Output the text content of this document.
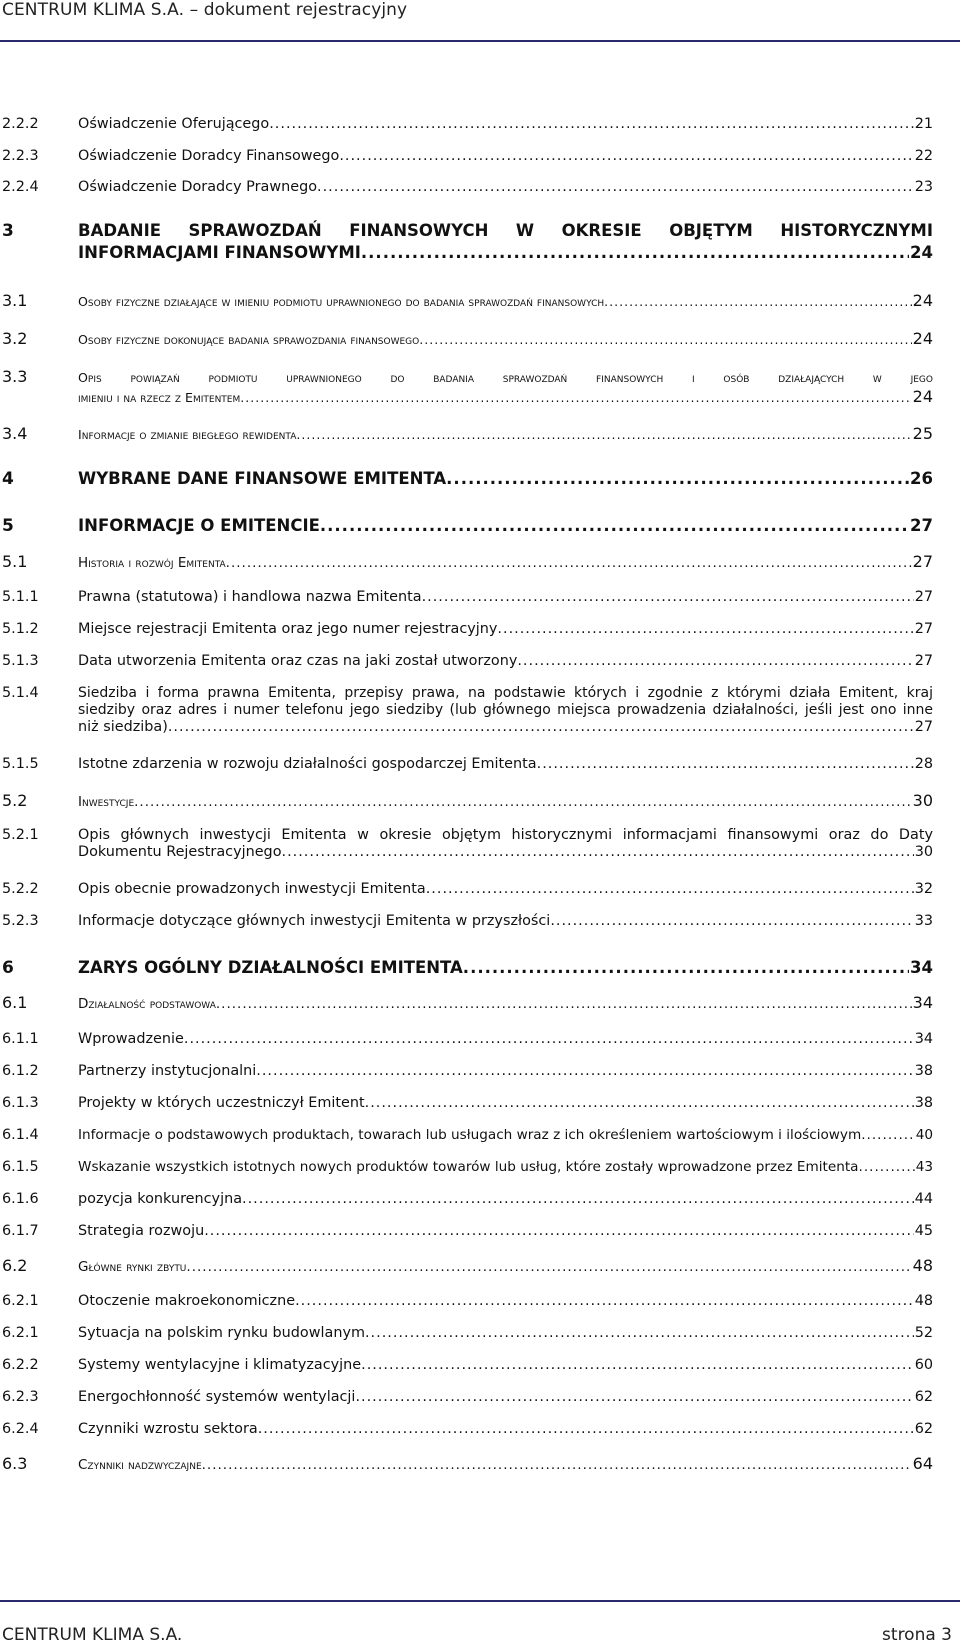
CENTRUM KLIMA S.A. – dokument rejestracyjny
2.2.2	Oświadczenie Oferującego .....	21
2.2.3	Oświadczenie Doradcy Finansowego .....	22
2.2.4	Oświadczenie Doradcy Prawnego .....	23
3	BADANIE SPRAWOZDAŃ FINANSOWYCH W OKRESIE OBJĘTYM HISTORYCZNYMI
INFORMACJAMI FINANSOWYMI .....	24
3.1	Osoby fizyczne działające w imieniu podmiotu uprawnionego do badania sprawozdań finansowych .....	24
3.2	Osoby fizyczne dokonujące badania sprawozdania finansowego .....	24
3.3	Opis powiązań podmiotu uprawnionego do badania sprawozdań finansowych i osób działających w jego
imieniu i na rzecz z Emitentem .....	24
3.4	Informacje o zmianie biegłego rewidenta .....	25
4	WYBRANE DANE FINANSOWE EMITENTA .....	26
5	INFORMACJE O EMITENCIE .....	27
5.1	Historia i rozwój Emitenta .....	27
5.1.1	Prawna (statutowa) i handlowa nazwa Emitenta .....	27
5.1.2	Miejsce rejestracji Emitenta oraz jego numer rejestracyjny .....	27
5.1.3	Data utworzenia Emitenta oraz czas na jaki został utworzony .....	27
5.1.4	Siedziba i forma prawna Emitenta, przepisy prawa, na podstawie których i zgodnie z którymi działa Emitent, kraj
siedziby oraz adres i numer telefonu jego siedziby (lub głównego miejsca prowadzenia działalności, jeśli jest ono inne
niż siedziba) .....	27
5.1.5	Istotne zdarzenia w rozwoju działalności gospodarczej Emitenta .....	28
5.2	Inwestycje .....	30
5.2.1	Opis głównych inwestycji Emitenta w okresie objętym historycznymi informacjami finansowymi oraz do Daty
Dokumentu Rejestracyjnego .....	30
5.2.2	Opis obecnie prowadzonych inwestycji Emitenta .....	32
5.2.3	Informacje dotyczące głównych inwestycji Emitenta w przyszłości .....	33
6	ZARYS OGÓLNY DZIAŁALNOŚCI EMITENTA .....	34
6.1	Działalność podstawowa .....	34
6.1.1	Wprowadzenie .....	34
6.1.2	Partnerzy instytucjonalni .....	38
6.1.3	Projekty w których uczestniczył Emitent .....	38
6.1.4	Informacje o podstawowych produktach, towarach lub usługach wraz z ich określeniem wartościowym i ilościowym .....	40
6.1.5	Wskazanie wszystkich istotnych nowych produktów towarów lub usług, które zostały wprowadzone przez Emitenta .....	43
6.1.6	pozycja konkurencyjna .....	44
6.1.7	Strategia rozwoju .....	45
6.2	Główne rynki zbytu .....	48
6.2.1	Otoczenie makroekonomiczne .....	48
6.2.1	Sytuacja na polskim rynku budowlanym .....	52
6.2.2	Systemy wentylacyjne i klimatyzacyjne .....	60
6.2.3	Energochłonność systemów wentylacji .....	62
6.2.4	Czynniki wzrostu sektora .....	62
6.3	Czynniki nadzwyczajne .....	64
CENTRUM KLIMA S.A.	strona 3
